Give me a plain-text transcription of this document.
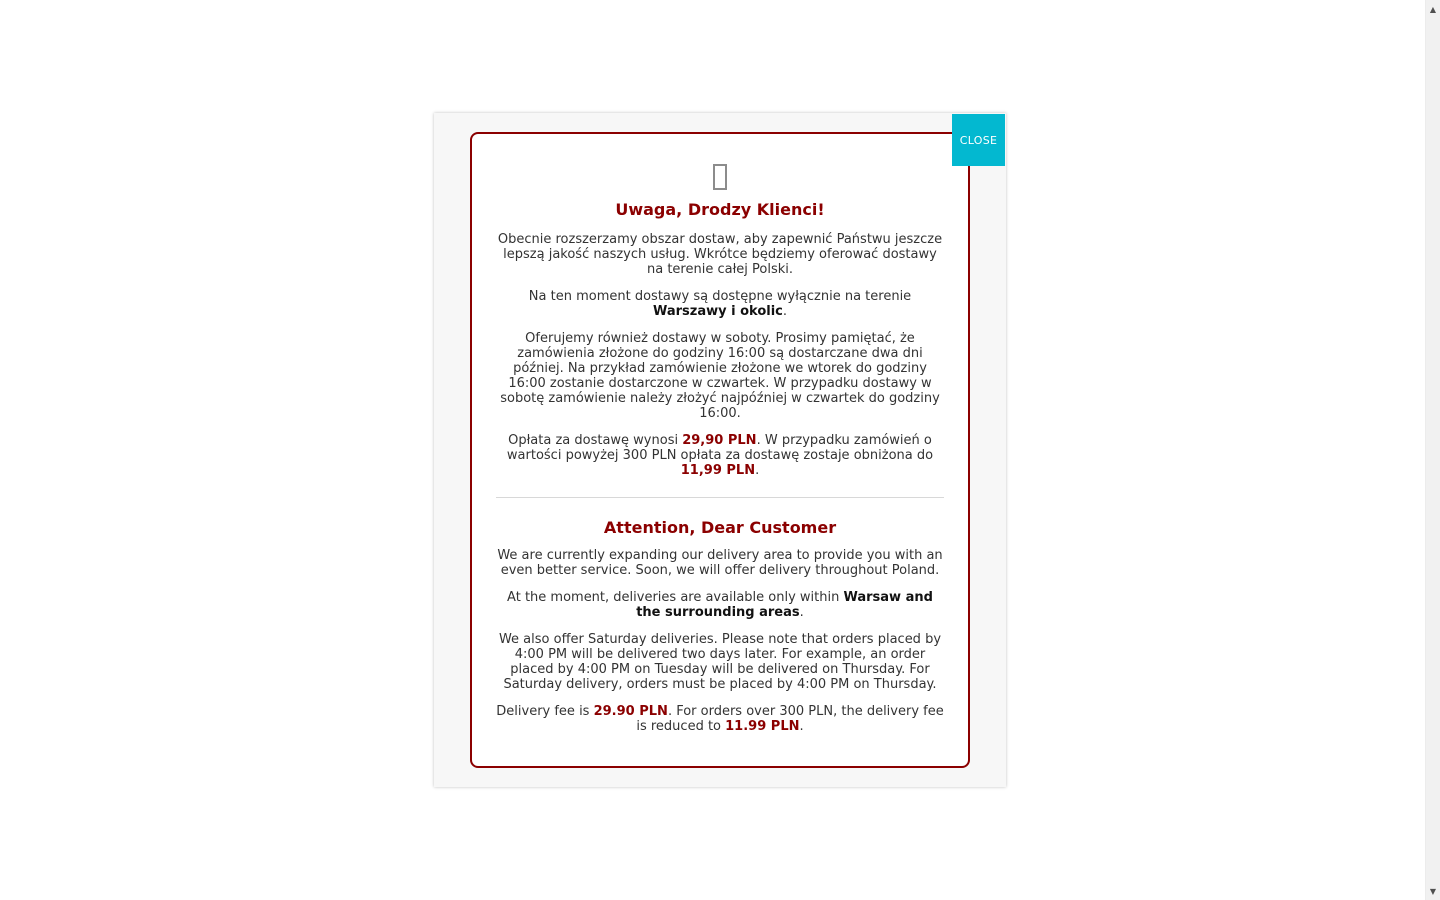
CLOSE
Uwaga, Drodzy Klienci!

Obecnie rozszerzamy obszar dostaw, aby zapewnić Państwu jeszcze lepszą jakość naszych usług. Wkrótce będziemy oferować dostawy na terenie całej Polski.

Na ten moment dostawy są dostępne wyłącznie na terenie Warszawy i okolic.

Oferujemy również dostawy w soboty. Prosimy pamiętać, że zamówienia złożone do godziny 16:00 są dostarczane dwa dni później. Na przykład zamówienie złożone we wtorek do godziny 16:00 zostanie dostarczone w czwartek. W przypadku dostawy w sobotę zamówienie należy złożyć najpóźniej w czwartek do godziny 16:00.

Opłata za dostawę wynosi 29,90 PLN. W przypadku zamówień o wartości powyżej 300 PLN opłata za dostawę zostaje obniżona do 11,99 PLN.

Attention, Dear Customer

We are currently expanding our delivery area to provide you with an even better service. Soon, we will offer delivery throughout Poland.

At the moment, deliveries are available only within Warsaw and the surrounding areas.

We also offer Saturday deliveries. Please note that orders placed by 4:00 PM will be delivered two days later. For example, an order placed by 4:00 PM on Tuesday will be delivered on Thursday. For Saturday delivery, orders must be placed by 4:00 PM on Thursday.

Delivery fee is 29.90 PLN. For orders over 300 PLN, the delivery fee is reduced to 11.99 PLN.

▲
▼
